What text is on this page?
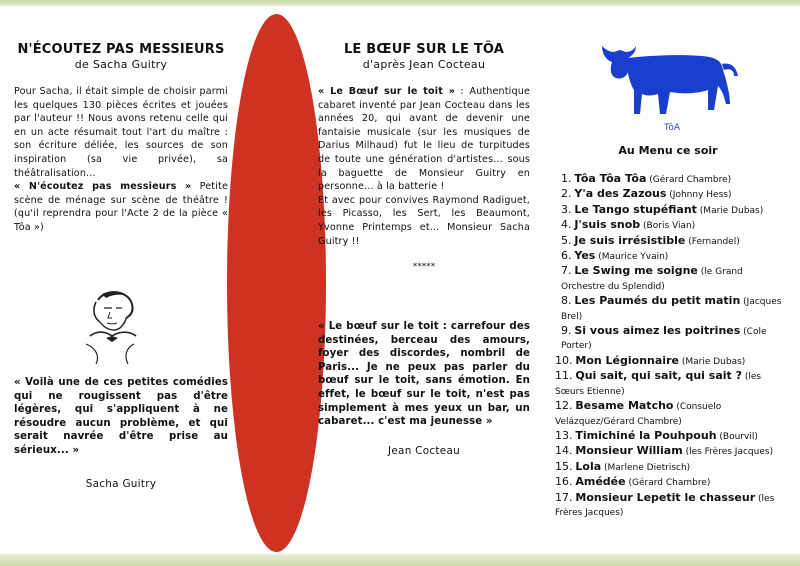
N'ÉCOUTEZ PAS MESSIEURS
de Sacha Guitry

Pour Sacha, il était simple de choisir parmi les quelques 130 pièces écrites et jouées par l'auteur !! Nous avons retenu celle qui en un acte résumait tout l'art du maître : son écriture déliée, les sources de son inspiration (sa vie privée), sa théâtralisation...

« N'écoutez pas messieurs » Petite scène de ménage sur scène de théâtre ! (qu'il reprendra pour l'Acte 2 de la pièce « Tôa »)

« Voilà une de ces petites comédies qui ne rougissent pas d'être légères, qui s'appliquent à ne résoudre aucun problème, et qui serait navrée d'être prise au sérieux... »
Sacha Guitry
LE BŒUF SUR LE TÔA
d'après Jean Cocteau

« Le Bœuf sur le toit » : Authentique cabaret inventé par Jean Cocteau dans les années 20, qui avant de devenir une fantaisie musicale (sur les musiques de Darius Milhaud) fut le lieu de turpitudes de toute une génération d'artistes... sous la baguette de Monsieur Guitry en personne... à la batterie !

Et avec pour convives Raymond Radiguet, les Picasso, les Sert, les Beaumont, Yvonne Printemps et... Monsieur Sacha Guitry !!

*****
« Le bœuf sur le toit : carrefour des destinées, berceau des amours, foyer des discordes, nombril de Paris... Je ne peux pas parler du bœuf sur le toit, sans émotion. En effet, le bœuf sur le toit, n'est pas simplement à mes yeux un bar, un cabaret... c'est ma jeunesse »
Jean Cocteau
TôA
Au Menu ce soir
1. Tôa Tôa Tôa (Gérard Chambre)
2. Y'a des Zazous (Johnny Hess)
3. Le Tango stupéfiant (Marie Dubas)
4. J'suis snob (Boris Vian)
5. Je suis irrésistible (Fernandel)
6. Yes (Maurice Yvain)
7. Le Swing me soigne (le Grand Orchestre du Splendid)
8. Les Paumés du petit matin (Jacques Brel)
9. Si vous aimez les poitrines (Cole Porter)
10. Mon Légionnaire (Marie Dubas)
11. Qui sait, qui sait, qui sait ? (les Sœurs Etienne)
12. Besame Matcho (Consuelo Velázquez/Gérard Chambre)
13. Timichiné la Pouhpouh (Bourvil)
14. Monsieur William (les Frères Jacques)
15. Lola (Marlene Dietrisch)
16. Amédée (Gérard Chambre)
17. Monsieur Lepetit le chasseur (les Frères Jacques)
